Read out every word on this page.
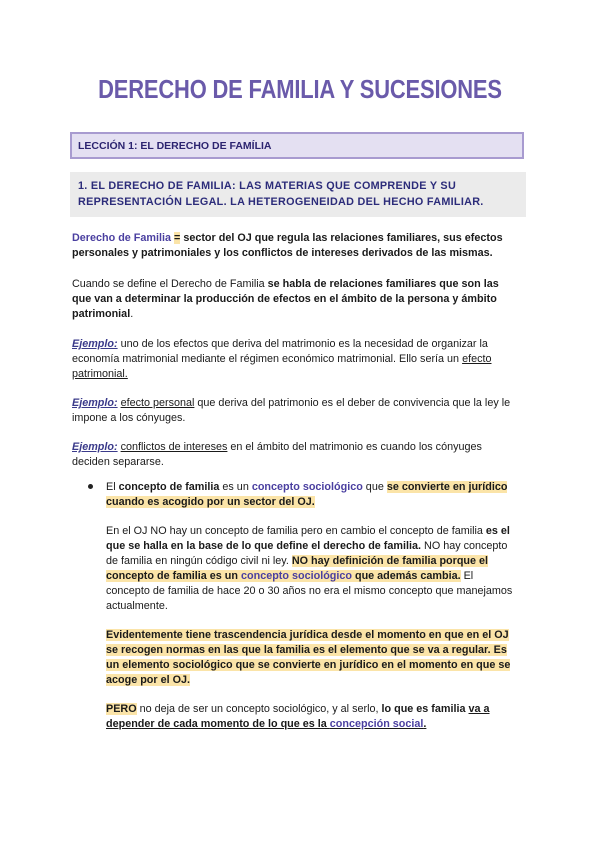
DERECHO DE FAMILIA Y SUCESIONES
LECCIÓN 1: EL DERECHO DE FAMÍLIA
1. EL DERECHO DE FAMILIA: LAS MATERIAS QUE COMPRENDE Y SU
REPRESENTACIÓN LEGAL. LA HETEROGENEIDAD DEL HECHO FAMILIAR.
Derecho de Familia = sector del OJ que regula las relaciones familiares, sus efectos
personales y patrimoniales y los conflictos de intereses derivados de las mismas.
Cuando se define el Derecho de Familia se habla de relaciones familiares que son las
que van a determinar la producción de efectos en el ámbito de la persona y ámbito
patrimonial.
Ejemplo: uno de los efectos que deriva del matrimonio es la necesidad de organizar la
economía matrimonial mediante el régimen económico matrimonial. Ello sería un efecto
patrimonial.
Ejemplo: efecto personal que deriva del patrimonio es el deber de convivencia que la ley le
impone a los cónyuges.
Ejemplo: conflictos de intereses en el ámbito del matrimonio es cuando los cónyuges
deciden separarse.
El concepto de familia es un concepto sociológico que se convierte en jurídico
cuando es acogido por un sector del OJ.
En el OJ NO hay un concepto de familia pero en cambio el concepto de familia es el
que se halla en la base de lo que define el derecho de familia. NO hay concepto
de familia en ningún código civil ni ley. NO hay definición de familia porque el
concepto de familia es un concepto sociológico que además cambia. El
concepto de familia de hace 20 o 30 años no era el mismo concepto que manejamos
actualmente.
Evidentemente tiene trascendencia jurídica desde el momento en que en el OJ
se recogen normas en las que la familia es el elemento que se va a regular. Es
un elemento sociológico que se convierte en jurídico en el momento en que se
acoge por el OJ.
PERO no deja de ser un concepto sociológico, y al serlo, lo que es familia va a
depender de cada momento de lo que es la concepción social.
